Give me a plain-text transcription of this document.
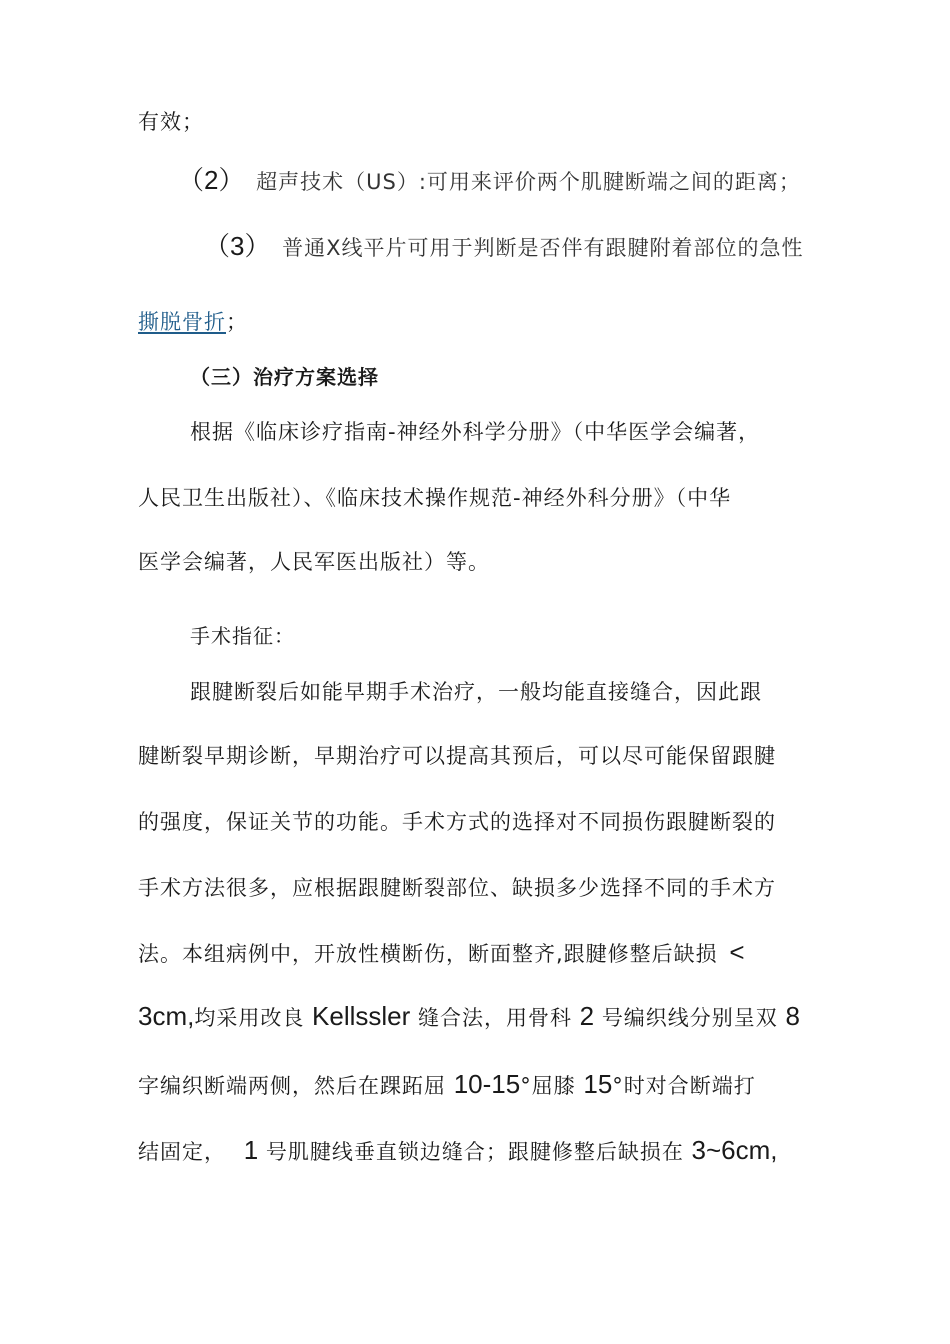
有效；
（2） 超声技术（US）:可用来评价两个肌腱断端之间的距离；
（3） 普通X线平片可用于判断是否伴有跟腱附着部位的急性
撕脱骨折；
（三）治疗方案选择
根据《临床诊疗指南-神经外科学分册》（中华医学会编著，
人民卫生出版社）、《临床技术操作规范-神经外科分册》（中华
医学会编著，人民军医出版社）等。
手术指征：
跟腱断裂后如能早期手术治疗，一般均能直接缝合，因此跟
腱断裂早期诊断，早期治疗可以提高其预后，可以尽可能保留跟腱
的强度，保证关节的功能。手术方式的选择对不同损伤跟腱断裂的
手术方法很多，应根据跟腱断裂部位、缺损多少选择不同的手术方
法。本组病例中，开放性横断伤，断面整齐,跟腱修整后缺损 <
3cm,均采用改良 Kellssler 缝合法，用骨科 2 号编织线分别呈双 8
字编织断端两侧，然后在踝跖屈 10-15°屈膝 15°时对合断端打
结固定， 1 号肌腱线垂直锁边缝合；跟腱修整后缺损在 3~6cm,
